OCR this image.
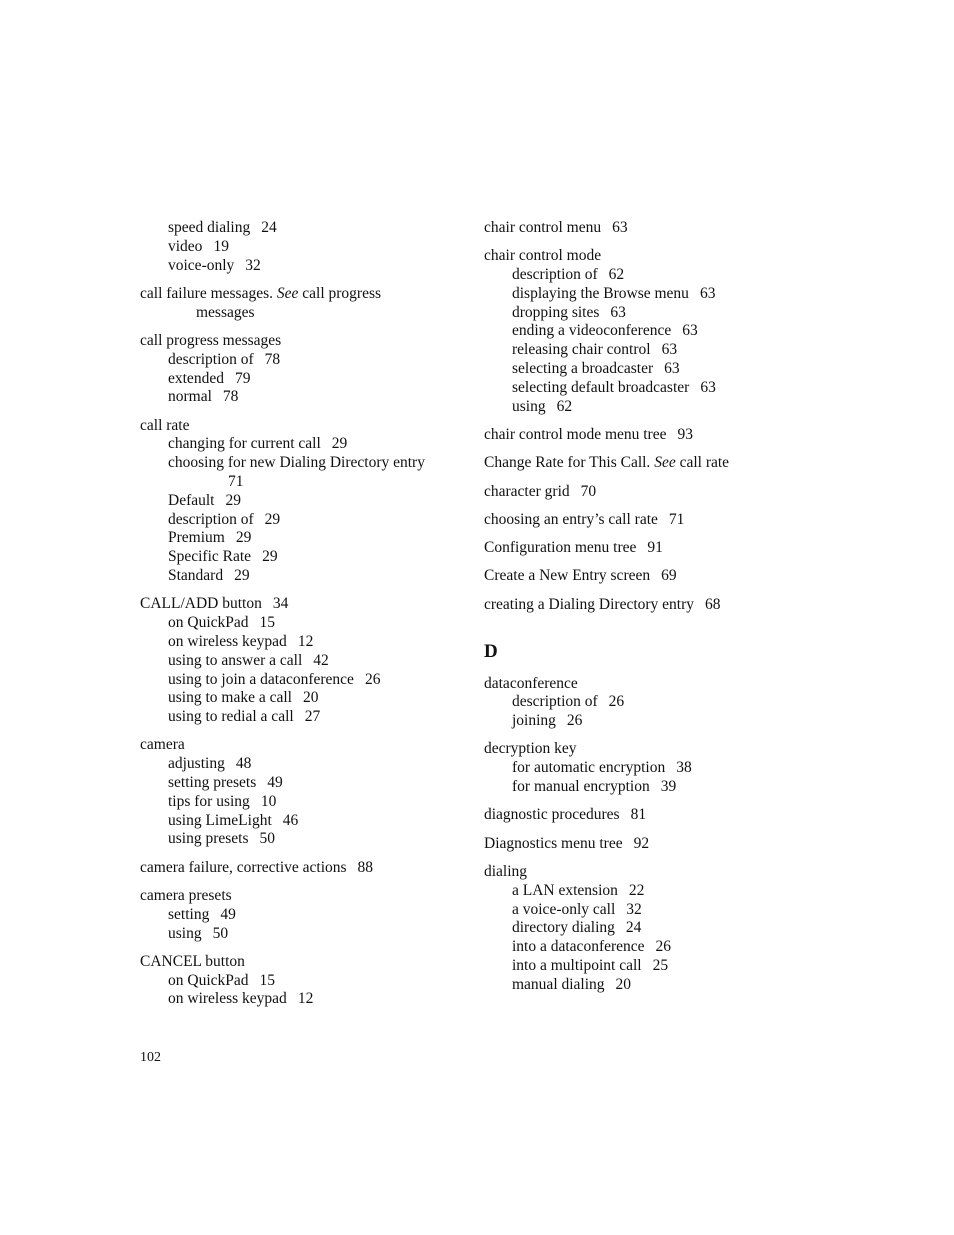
speed dialing 24
video 19
voice-only 32
call failure messages. See call progress
messages
call progress messages
description of 78
extended 79
normal 78
call rate
changing for current call 29
choosing for new Dialing Directory entry
71
Default 29
description of 29
Premium 29
Specific Rate 29
Standard 29
CALL/ADD button 34
on QuickPad 15
on wireless keypad 12
using to answer a call 42
using to join a dataconference 26
using to make a call 20
using to redial a call 27
camera
adjusting 48
setting presets 49
tips for using 10
using LimeLight 46
using presets 50
camera failure, corrective actions 88
camera presets
setting 49
using 50
CANCEL button
on QuickPad 15
on wireless keypad 12
chair control menu 63
chair control mode
description of 62
displaying the Browse menu 63
dropping sites 63
ending a videoconference 63
releasing chair control 63
selecting a broadcaster 63
selecting default broadcaster 63
using 62
chair control mode menu tree 93
Change Rate for This Call. See call rate
character grid 70
choosing an entry’s call rate 71
Configuration menu tree 91
Create a New Entry screen 69
creating a Dialing Directory entry 68
D
dataconference
description of 26
joining 26
decryption key
for automatic encryption 38
for manual encryption 39
diagnostic procedures 81
Diagnostics menu tree 92
dialing
a LAN extension 22
a voice-only call 32
directory dialing 24
into a dataconference 26
into a multipoint call 25
manual dialing 20
102
